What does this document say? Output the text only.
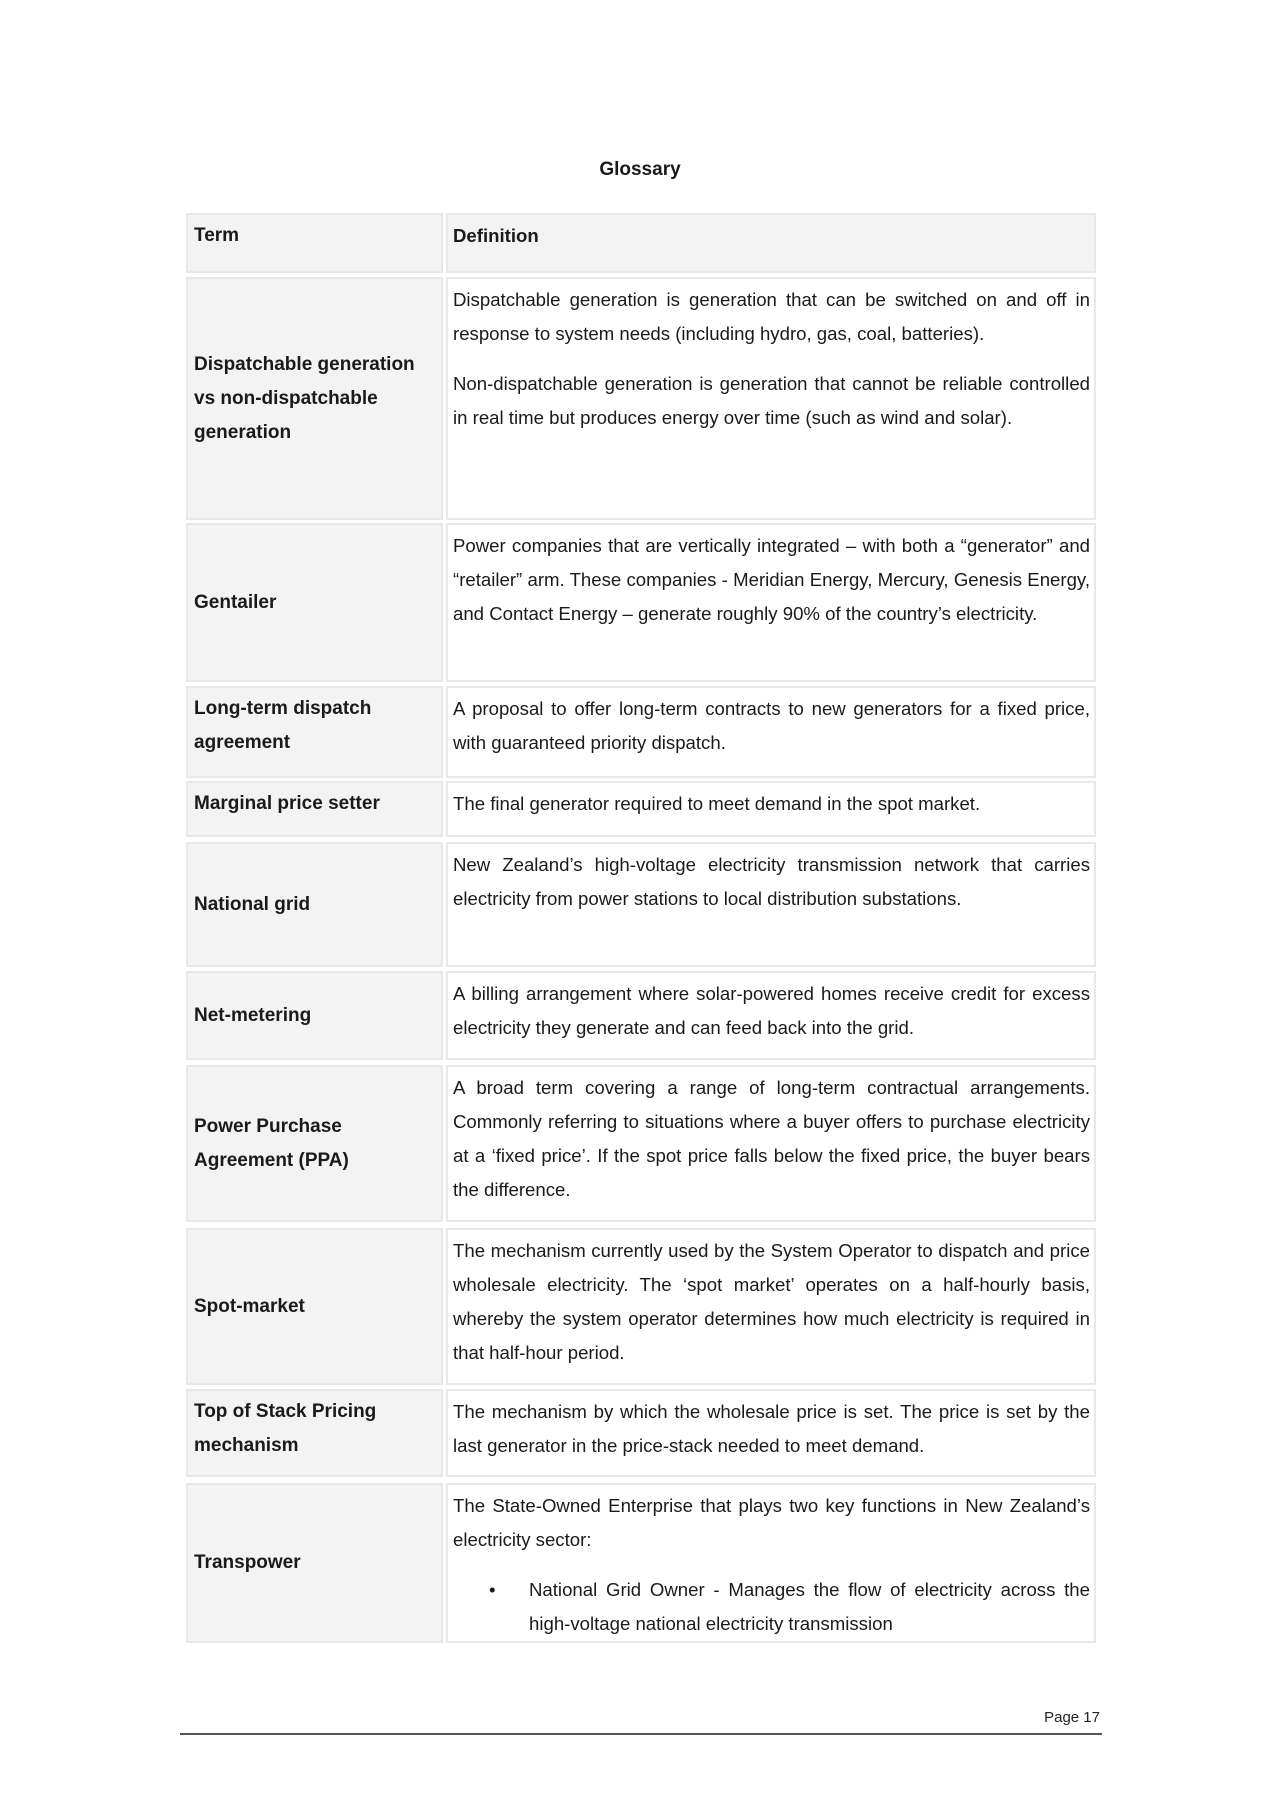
Glossary
Term	Definition
Dispatchable generation vs non-dispatchable generation

Dispatchable generation is generation that can be switched on and off in response to system needs (including hydro, gas, coal, batteries).

Non-dispatchable generation is generation that cannot be reliable controlled in real time but produces energy over time (such as wind and solar).

Gentailer

Power companies that are vertically integrated – with both a “generator” and “retailer” arm. These companies - Meridian Energy, Mercury, Genesis Energy, and Contact Energy – generate roughly 90% of the country’s electricity.

Long-term dispatch agreement

A proposal to offer long-term contracts to new generators for a fixed price, with guaranteed priority dispatch.

Marginal price setter	The final generator required to meet demand in the spot market.

National grid

New Zealand’s high-voltage electricity transmission network that carries electricity from power stations to local distribution substations.

Net-metering

A billing arrangement where solar-powered homes receive credit for excess electricity they generate and can feed back into the grid.

Power Purchase Agreement (PPA)

A broad term covering a range of long-term contractual arrangements. Commonly referring to situations where a buyer offers to purchase electricity at a ‘fixed price’. If the spot price falls below the fixed price, the buyer bears the difference.

Spot-market

The mechanism currently used by the System Operator to dispatch and price wholesale electricity. The ‘spot market’ operates on a half-hourly basis, whereby the system operator determines how much electricity is required in that half-hour period.

Top of Stack Pricing mechanism

The mechanism by which the wholesale price is set. The price is set by the last generator in the price-stack needed to meet demand.

Transpower

The State-Owned Enterprise that plays two key functions in New Zealand’s electricity sector:

• National Grid Owner - Manages the flow of electricity across the high-voltage national electricity transmission
Page 17
